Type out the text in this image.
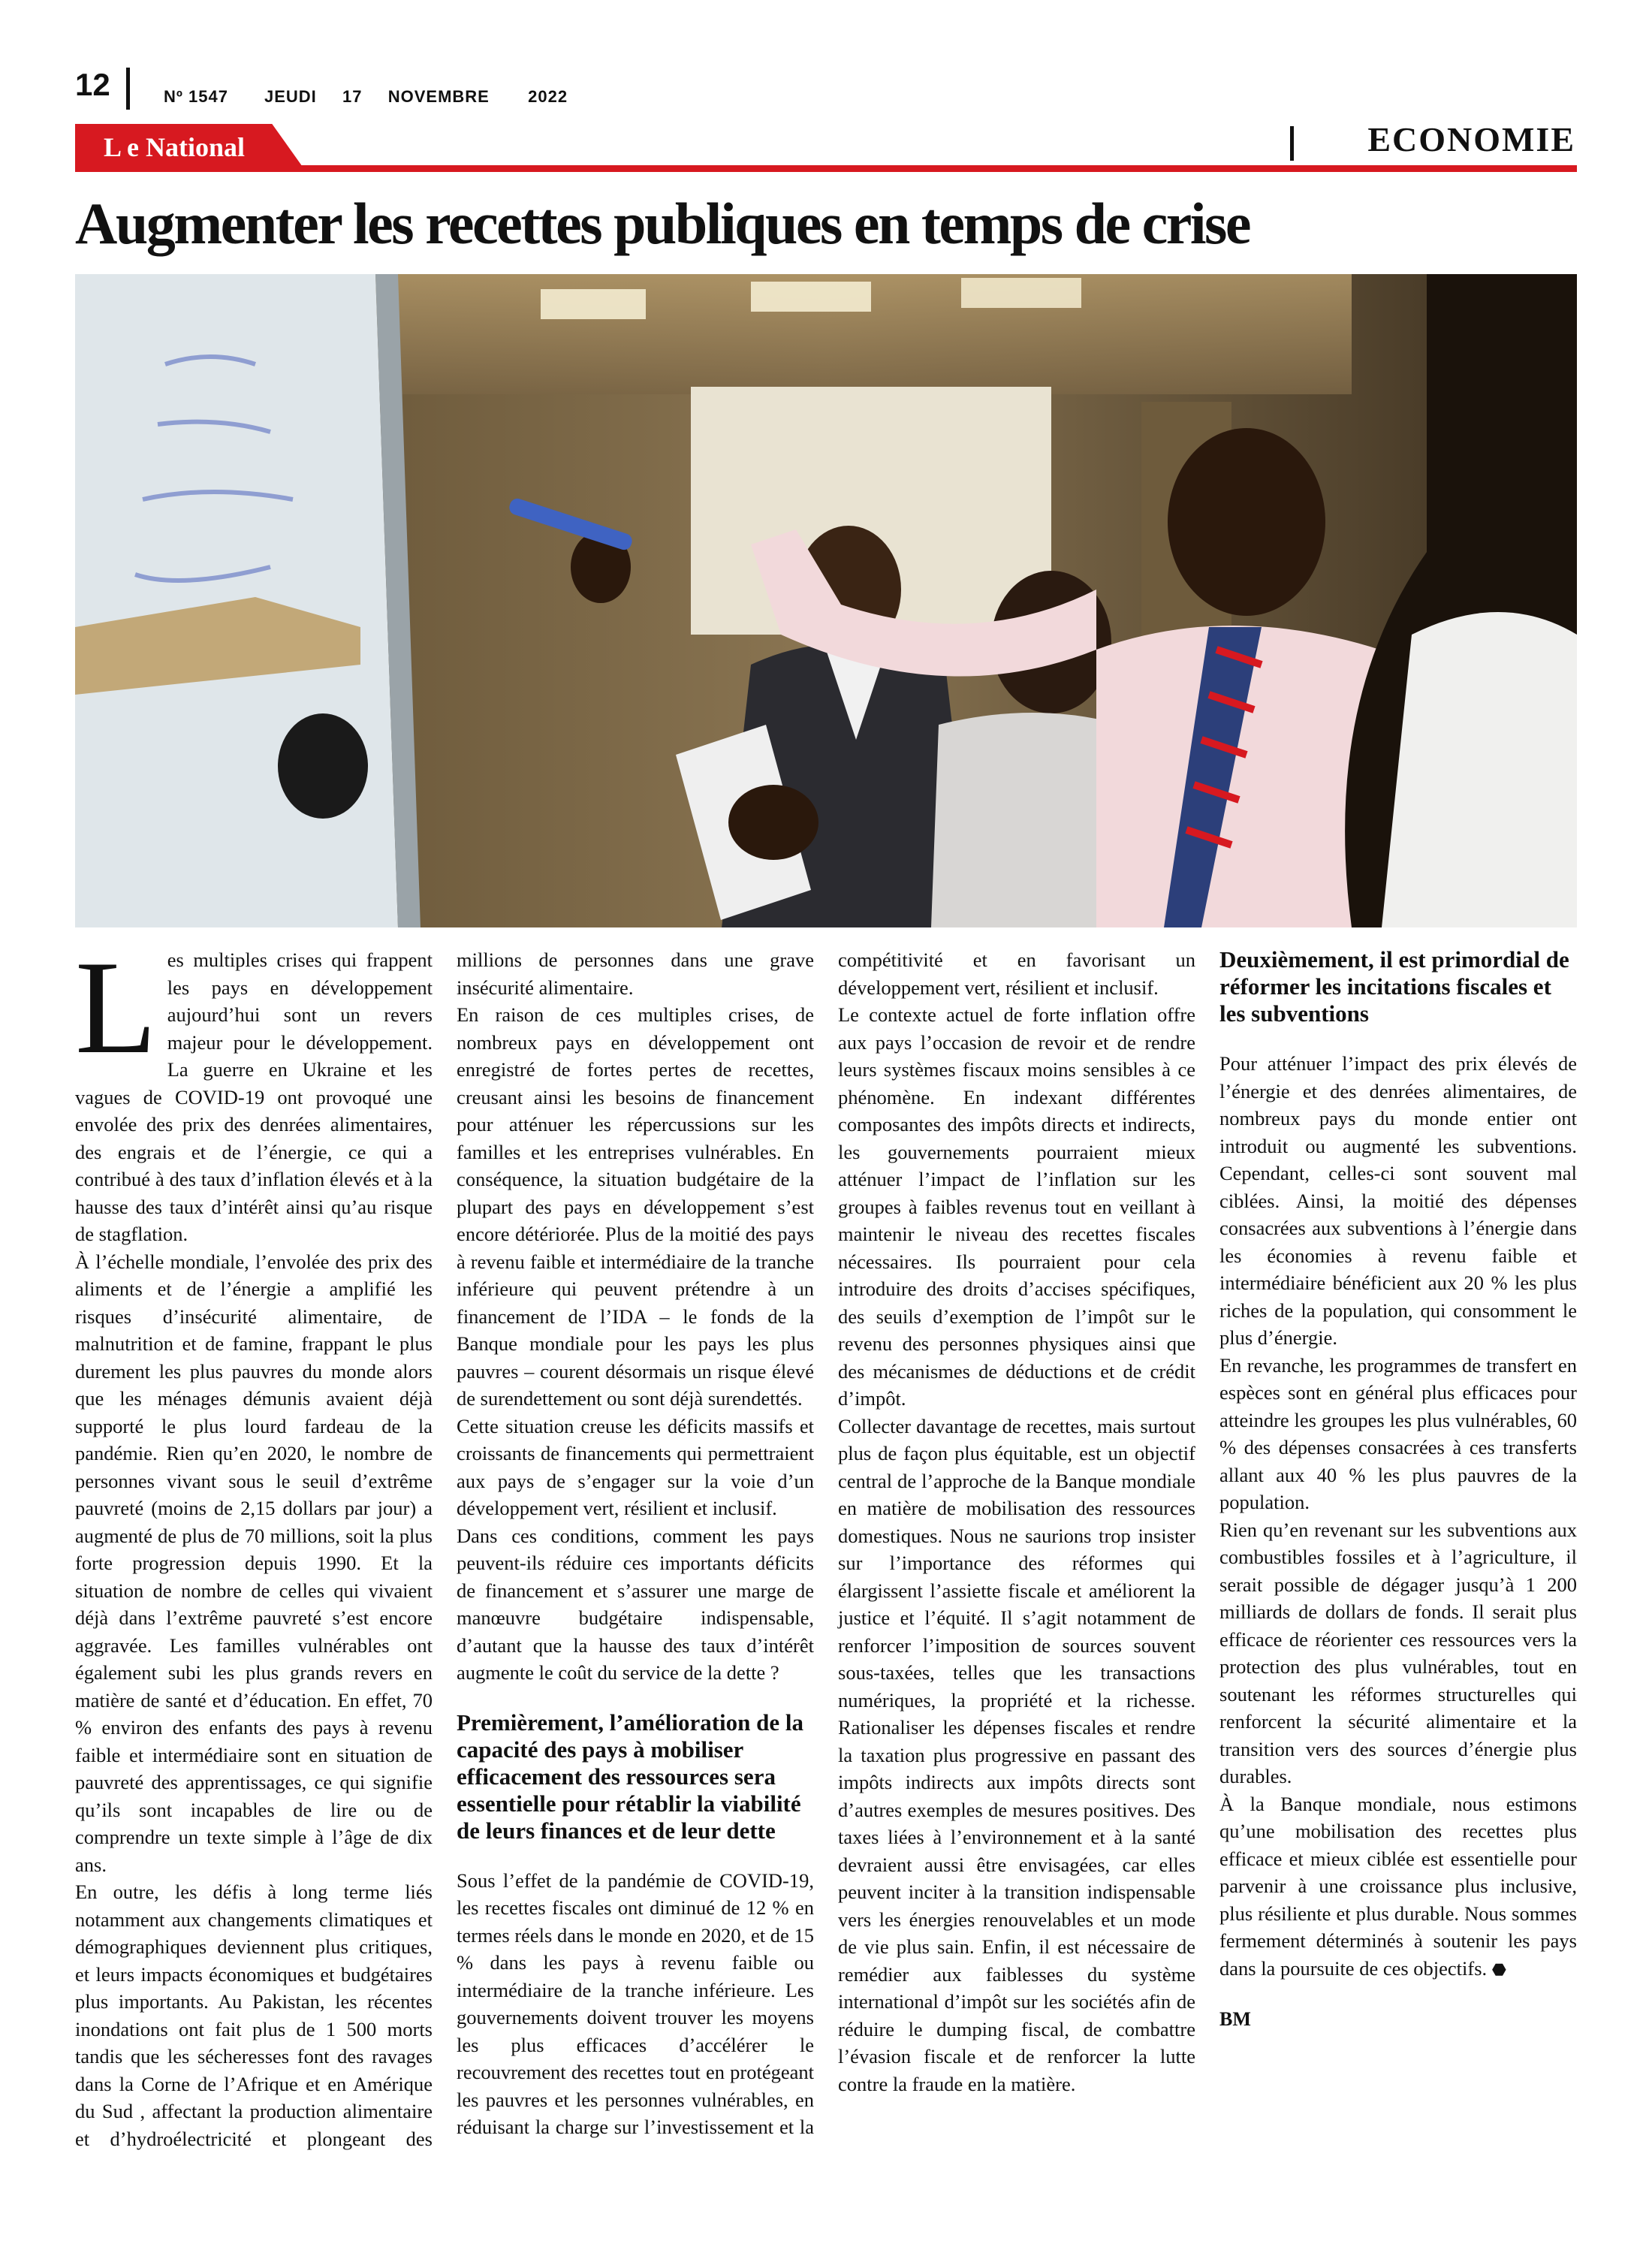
12	Nº 1547 JEUDI  17  NOVEMBRE   2022
L e National	ECONOMIE
Augmenter les recettes publiques en temps de crise

Les multiples crises qui frappent les pays en développement aujourd’hui sont un revers majeur pour le développement. La guerre en Ukraine et les vagues de COVID-19 ont provoqué une envolée des prix des denrées alimentaires, des engrais et de l’énergie, ce qui a contribué à des taux d’inflation élevés et à la hausse des taux d’intérêt ainsi qu’au risque de stagflation.

À l’échelle mondiale, l’envolée des prix des aliments et de l’énergie a amplifié les risques d’insécurité alimentaire, de malnutrition et de famine, frappant le plus durement les plus pauvres du monde alors que les ménages démunis avaient déjà supporté le plus lourd fardeau de la pandémie. Rien qu’en 2020, le nombre de personnes vivant sous le seuil d’extrême pauvreté (moins de 2,15 dollars par jour) a augmenté de plus de 70 millions, soit la plus forte progression depuis 1990. Et la situation de nombre de celles qui vivaient déjà dans l’extrême pauvreté s’est encore aggravée. Les familles vulnérables ont également subi les plus grands revers en matière de santé et d’éducation. En effet, 70 % environ des enfants des pays à revenu faible et intermédiaire sont en situation de pauvreté des apprentissages, ce qui signifie qu’ils sont incapables de lire ou de comprendre un texte simple à l’âge de dix ans.

En outre, les défis à long terme liés notamment aux changements climatiques et démographiques deviennent plus critiques, et leurs impacts économiques et budgétaires plus importants. Au Pakistan, les récentes inondations ont fait plus de 1 500 morts tandis que les sécheresses font des ravages dans la Corne de l’Afrique et en Amérique du Sud , affectant la production alimentaire et d’hydroélectricité et plongeant des millions de personnes dans une grave insécurité alimentaire.

En raison de ces multiples crises, de nombreux pays en développement ont enregistré de fortes pertes de recettes, creusant ainsi les besoins de financement pour atténuer les répercussions sur les familles et les entreprises vulnérables. En conséquence, la situation budgétaire de la plupart des pays en développement s’est encore détériorée. Plus de la moitié des pays à revenu faible et intermédiaire de la tranche inférieure qui peuvent prétendre à un financement de l’IDA – le fonds de la Banque mondiale pour les pays les plus pauvres – courent désormais un risque élevé de surendettement ou sont déjà surendettés.

Cette situation creuse les déficits massifs et croissants de financements qui permettraient aux pays de s’engager sur la voie d’un développement vert, résilient et inclusif.

Dans ces conditions, comment les pays peuvent-ils réduire ces importants déficits de financement et s’assurer une marge de manœuvre budgétaire indispensable, d’autant que la hausse des taux d’intérêt augmente le coût du service de la dette ?

Premièrement, l’amélioration de la capacité des pays à mobiliser efficacement des ressources sera essentielle pour rétablir la viabilité de leurs finances et de leur dette

Sous l’effet de la pandémie de COVID-19, les recettes fiscales ont diminué de 12 % en termes réels dans le monde en 2020, et de 15 % dans les pays à revenu faible ou intermédiaire de la tranche inférieure. Les gouvernements doivent trouver les moyens les plus efficaces d’accélérer le recouvrement des recettes tout en protégeant les pauvres et les personnes vulnérables, en réduisant la charge sur l’investissement et la compétitivité et en favorisant un développement vert, résilient et inclusif.

Le contexte actuel de forte inflation offre aux pays l’occasion de revoir et de rendre leurs systèmes fiscaux moins sensibles à ce phénomène. En indexant différentes composantes des impôts directs et indirects, les gouvernements pourraient mieux atténuer l’impact de l’inflation sur les groupes à faibles revenus tout en veillant à maintenir le niveau des recettes fiscales nécessaires. Ils pourraient pour cela introduire des droits d’accises spécifiques, des seuils d’exemption de l’impôt sur le revenu des personnes physiques ainsi que des mécanismes de déductions et de crédit d’impôt.

Collecter davantage de recettes, mais surtout plus de façon plus équitable, est un objectif central de l’approche de la Banque mondiale en matière de mobilisation des ressources domestiques. Nous ne saurions trop insister sur l’importance des réformes qui élargissent l’assiette fiscale et améliorent la justice et l’équité. Il s’agit notamment de renforcer l’imposition de sources souvent sous-taxées, telles que les transactions numériques, la propriété et la richesse. Rationaliser les dépenses fiscales et rendre la taxation plus progressive en passant des impôts indirects aux impôts directs sont d’autres exemples de mesures positives. Des taxes liées à l’environnement et à la santé devraient aussi être envisagées, car elles peuvent inciter à la transition indispensable vers les énergies renouvelables et un mode de vie plus sain. Enfin, il est nécessaire de remédier aux faiblesses du système international d’impôt sur les sociétés afin de réduire le dumping fiscal, de combattre l’évasion fiscale et de renforcer la lutte contre la fraude en la matière.

Deuxièmement, il est primordial de réformer les incitations fiscales et les subventions

Pour atténuer l’impact des prix élevés de l’énergie et des denrées alimentaires, de nombreux pays du monde entier ont introduit ou augmenté les subventions. Cependant, celles-ci sont souvent mal ciblées. Ainsi, la moitié des dépenses consacrées aux subventions à l’énergie dans les économies à revenu faible et intermédiaire bénéficient aux 20 % les plus riches de la population, qui consomment le plus d’énergie.

En revanche, les programmes de transfert en espèces sont en général plus efficaces pour atteindre les groupes les plus vulnérables, 60 % des dépenses consacrées à ces transferts allant aux 40 % les plus pauvres de la population.

Rien qu’en revenant sur les subventions aux combustibles fossiles et à l’agriculture, il serait possible de dégager jusqu’à 1 200 milliards de dollars de fonds. Il serait plus efficace de réorienter ces ressources vers la protection des plus vulnérables, tout en soutenant les réformes structurelles qui renforcent la sécurité alimentaire et la transition vers des sources d’énergie plus durables.

À la Banque mondiale, nous estimons qu’une mobilisation des recettes plus efficace et mieux ciblée est essentielle pour parvenir à une croissance plus inclusive, plus résiliente et plus durable. Nous sommes fermement déterminés à soutenir les pays dans la poursuite de ces objectifs. ⬣

BM
